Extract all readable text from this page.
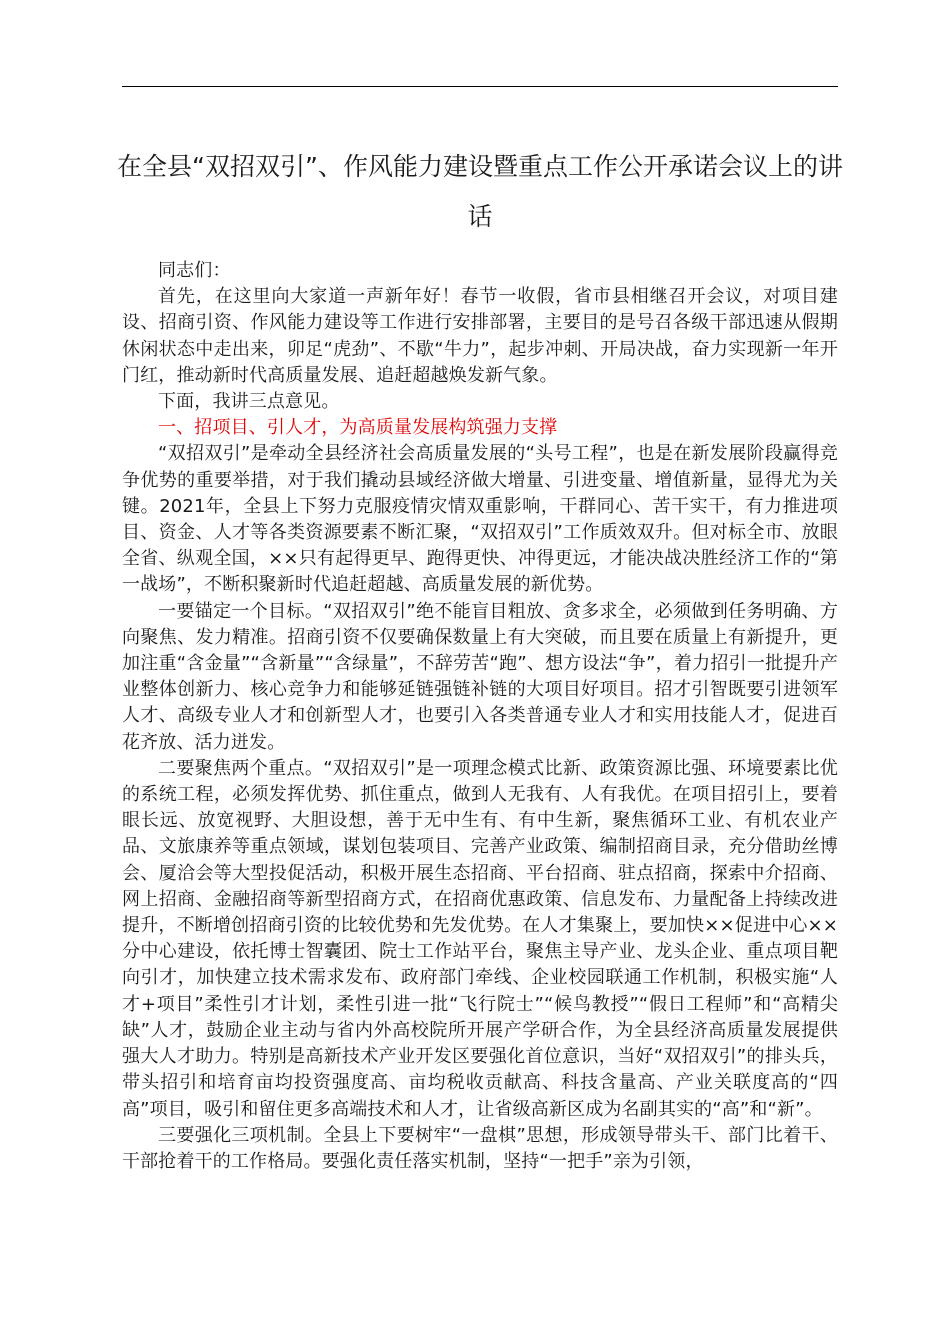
在全县“双招双引”、作风能力建设暨重点工作公开承诺会议上的讲话

同志们：

首先，在这里向大家道一声新年好！春节一收假，省市县相继召开会议，对项目建设、招商引资、作风能力建设等工作进行安排部署，主要目的是号召各级干部迅速从假期休闲状态中走出来，卯足“虎劲”、不歇“牛力”，起步冲刺、开局决战，奋力实现新一年开门红，推动新时代高质量发展、追赶超越焕发新气象。

下面，我讲三点意见。

一、招项目、引人才，为高质量发展构筑强力支撑

“双招双引”是牵动全县经济社会高质量发展的“头号工程”，也是在新发展阶段赢得竞争优势的重要举措，对于我们撬动县域经济做大增量、引进变量、增值新量，显得尤为关键。2021年，全县上下努力克服疫情灾情双重影响，干群同心、苦干实干，有力推进项目、资金、人才等各类资源要素不断汇聚，“双招双引”工作质效双升。但对标全市、放眼全省、纵观全国，××只有起得更早、跑得更快、冲得更远，才能决战决胜经济工作的“第一战场”，不断积聚新时代追赶超越、高质量发展的新优势。

一要锚定一个目标。“双招双引”绝不能盲目粗放、贪多求全，必须做到任务明确、方向聚焦、发力精准。招商引资不仅要确保数量上有大突破，而且要在质量上有新提升，更加注重“含金量”“含新量”“含绿量”，不辞劳苦“跑”、想方设法“争”，着力招引一批提升产业整体创新力、核心竞争力和能够延链强链补链的大项目好项目。招才引智既要引进领军人才、高级专业人才和创新型人才，也要引入各类普通专业人才和实用技能人才，促进百花齐放、活力迸发。

二要聚焦两个重点。“双招双引”是一项理念模式比新、政策资源比强、环境要素比优的系统工程，必须发挥优势、抓住重点，做到人无我有、人有我优。在项目招引上，要着眼长远、放宽视野、大胆设想，善于无中生有、有中生新，聚焦循环工业、有机农业产品、文旅康养等重点领域，谋划包装项目、完善产业政策、编制招商目录，充分借助丝博会、厦洽会等大型投促活动，积极开展生态招商、平台招商、驻点招商，探索中介招商、网上招商、金融招商等新型招商方式，在招商优惠政策、信息发布、力量配备上持续改进提升，不断增创招商引资的比较优势和先发优势。在人才集聚上，要加快××促进中心××分中心建设，依托博士智囊团、院士工作站平台，聚焦主导产业、龙头企业、重点项目靶向引才，加快建立技术需求发布、政府部门牵线、企业校园联通工作机制，积极实施“人才+项目”柔性引才计划，柔性引进一批“飞行院士”“候鸟教授”“假日工程师”和“高精尖缺”人才，鼓励企业主动与省内外高校院所开展产学研合作，为全县经济高质量发展提供强大人才助力。特别是高新技术产业开发区要强化首位意识，当好“双招双引”的排头兵，带头招引和培育亩均投资强度高、亩均税收贡献高、科技含量高、产业关联度高的“四高”项目，吸引和留住更多高端技术和人才，让省级高新区成为名副其实的“高”和“新”。

三要强化三项机制。全县上下要树牢“一盘棋”思想，形成领导带头干、部门比着干、干部抢着干的工作格局。要强化责任落实机制，坚持“一把手”亲为引领，
